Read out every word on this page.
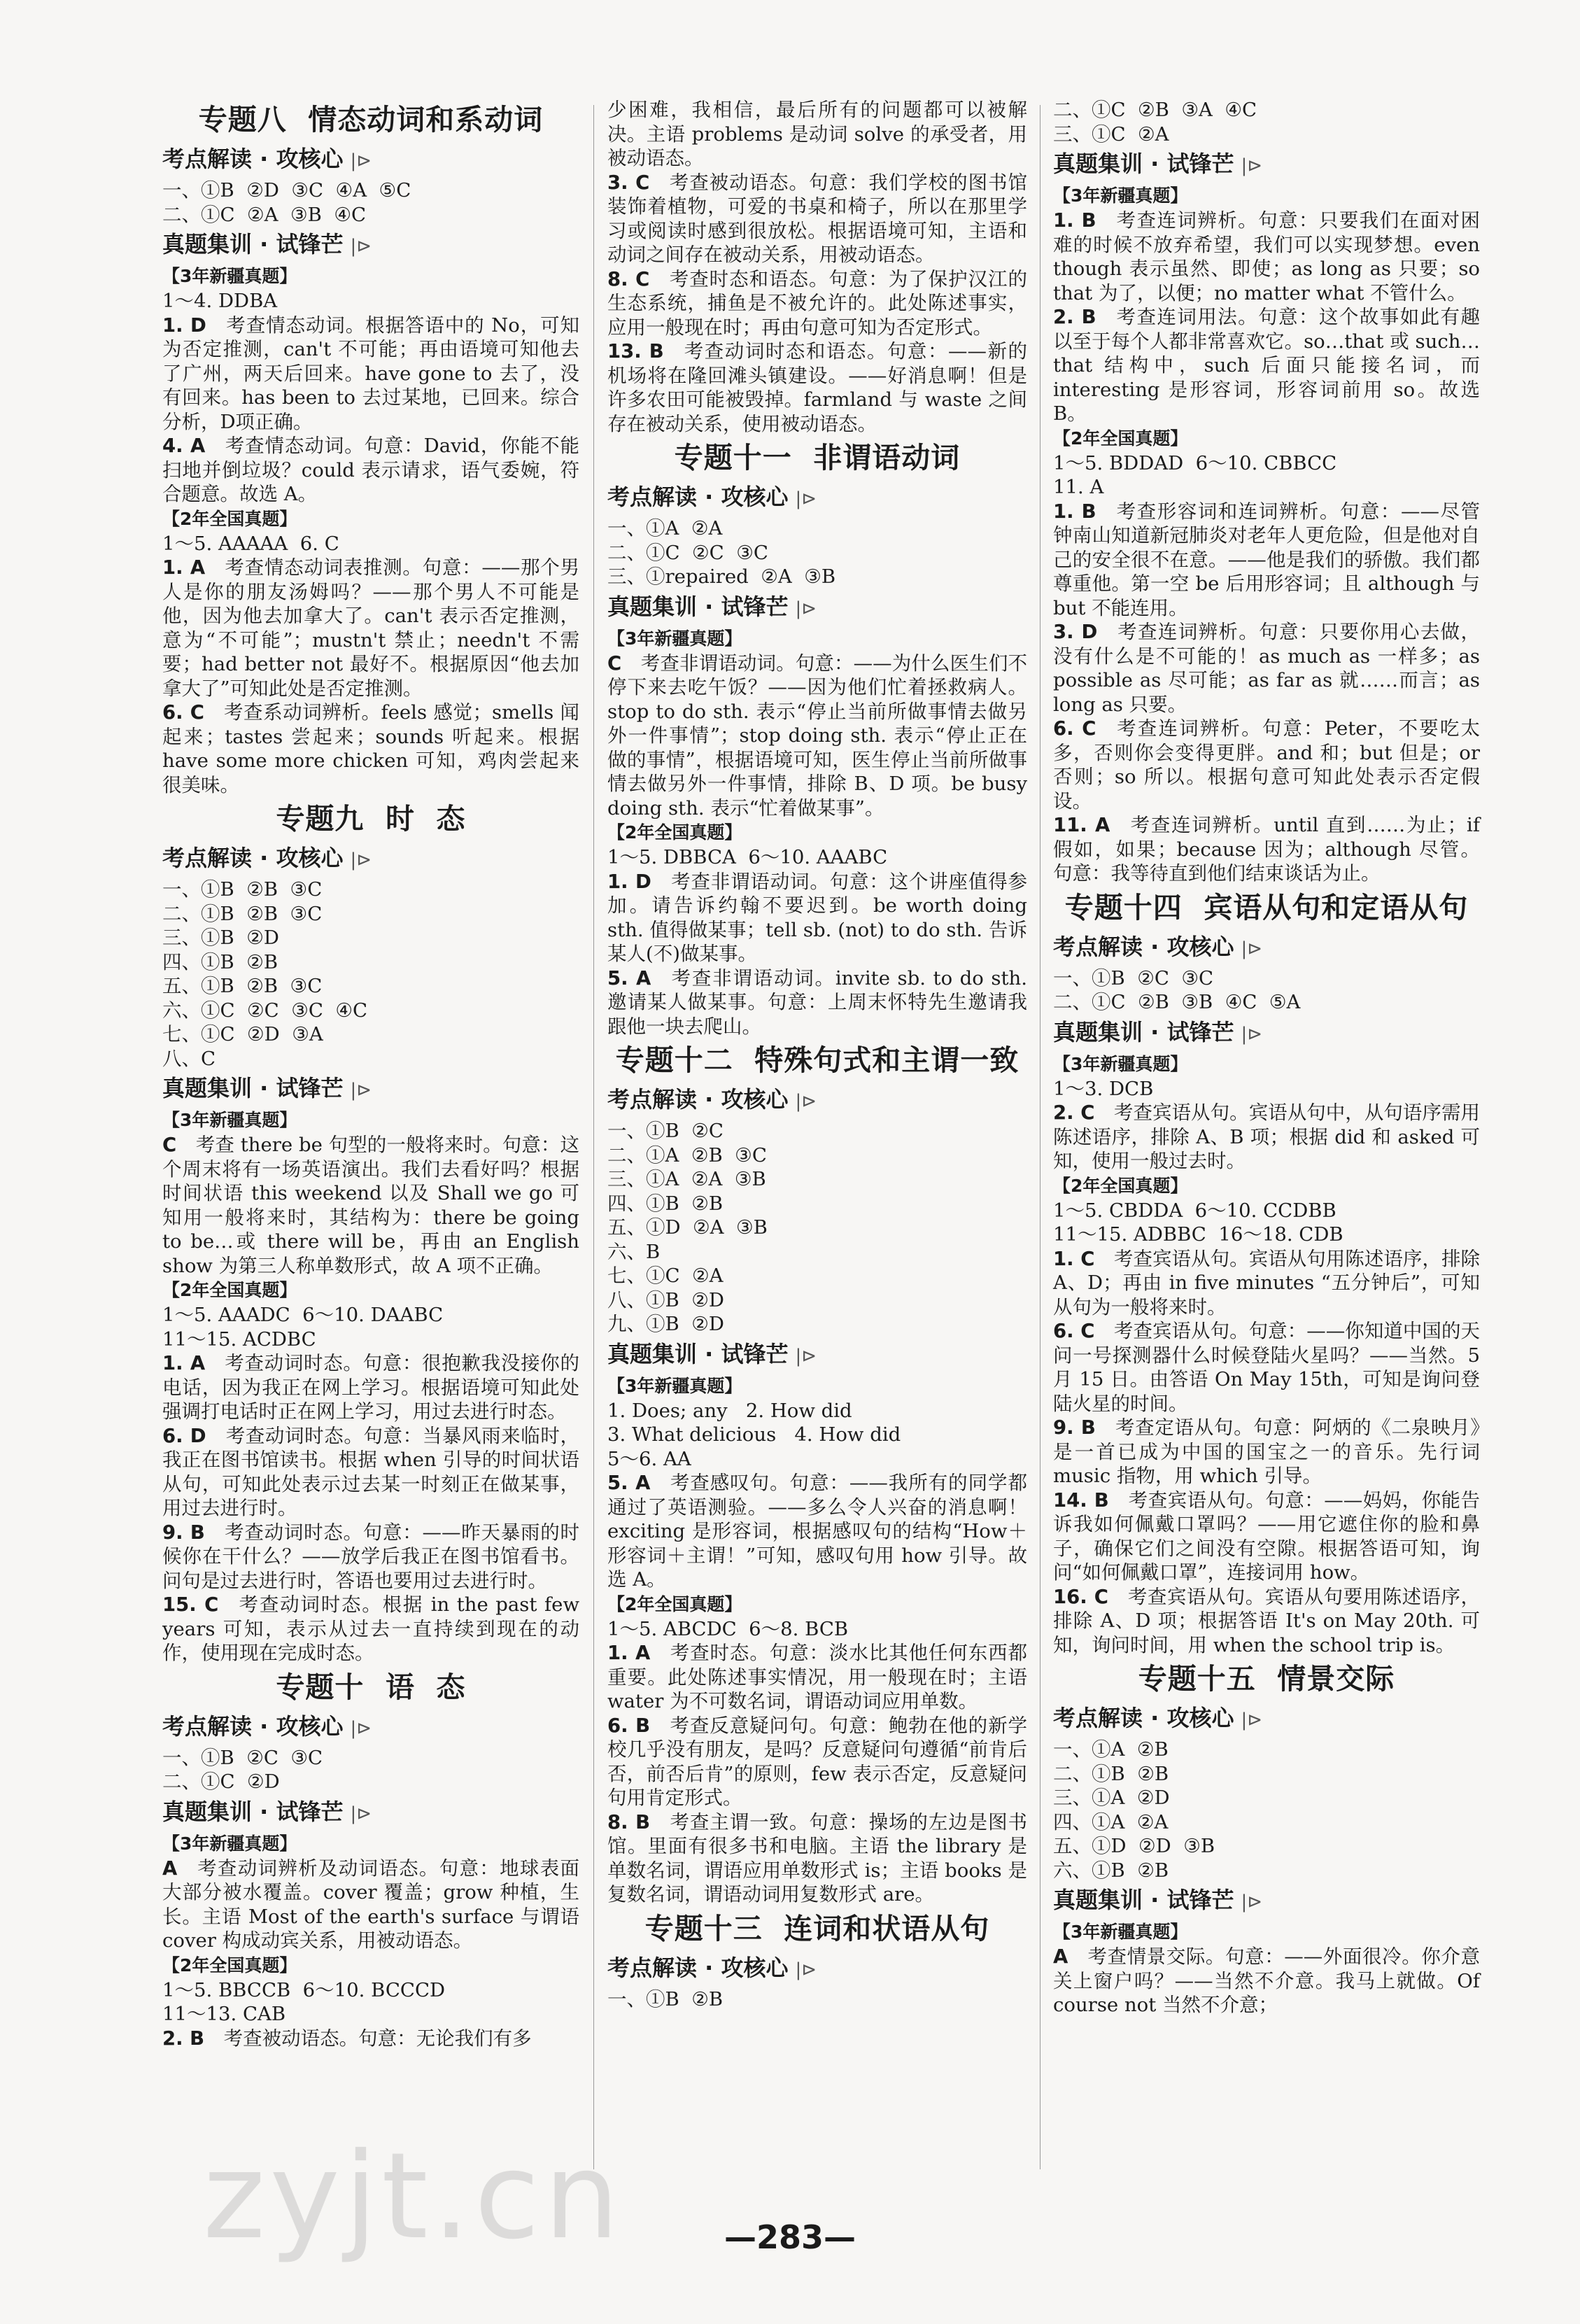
专题八  情态动词和系动词
考点解读 · 攻核心 |⊳
一、①B  ②D  ③C  ④A  ⑤C
二、①C  ②A  ③B  ④C
真题集训 · 试锋芒 |⊳
【3年新疆真题】
1～4. DDBA
1. D  考查情态动词。根据答语中的 No，可知为否定推测，can't 不可能；再由语境可知他去了广州，两天后回来。have gone to 去了，没有回来。has been to 去过某地，已回来。综合分析，D项正确。
4. A  考查情态动词。句意：David，你能不能扫地并倒垃圾？could 表示请求，语气委婉，符合题意。故选 A。
【2年全国真题】
1～5. AAAAA  6. C
1. A  考查情态动词表推测。句意：——那个男人是你的朋友汤姆吗？——那个男人不可能是他，因为他去加拿大了。can't 表示否定推测，意为“不可能”；mustn't 禁止；needn't 不需要；had better not 最好不。根据原因“他去加拿大了”可知此处是否定推测。
6. C  考查系动词辨析。feels 感觉；smells 闻起来；tastes 尝起来；sounds 听起来。根据 have some more chicken 可知，鸡肉尝起来很美味。
专题九  时  态
考点解读 · 攻核心 |⊳
一、①B  ②B  ③C
二、①B  ②B  ③C
三、①B  ②D
四、①B  ②B
五、①B  ②B  ③C
六、①C  ②C  ③C  ④C
七、①C  ②D  ③A
八、C
真题集训 · 试锋芒 |⊳
【3年新疆真题】
C  考查 there be 句型的一般将来时。句意：这个周末将有一场英语演出。我们去看好吗？根据时间状语 this weekend 以及 Shall we go 可知用一般将来时，其结构为：there be going to be…或 there will be，再由 an English show 为第三人称单数形式，故 A 项不正确。
【2年全国真题】
1～5. AAADC  6～10. DAABC
11～15. ACDBC
1. A  考查动词时态。句意：很抱歉我没接你的电话，因为我正在网上学习。根据语境可知此处强调打电话时正在网上学习，用过去进行时态。
6. D  考查动词时态。句意：当暴风雨来临时，我正在图书馆读书。根据 when 引导的时间状语从句，可知此处表示过去某一时刻正在做某事，用过去进行时。
9. B  考查动词时态。句意：——昨天暴雨的时候你在干什么？——放学后我正在图书馆看书。问句是过去进行时，答语也要用过去进行时。
15. C  考查动词时态。根据 in the past few years 可知，表示从过去一直持续到现在的动作，使用现在完成时态。
专题十  语  态
考点解读 · 攻核心 |⊳
一、①B  ②C  ③C
二、①C  ②D
真题集训 · 试锋芒 |⊳
【3年新疆真题】
A  考查动词辨析及动词语态。句意：地球表面大部分被水覆盖。cover 覆盖；grow 种植，生长。主语 Most of the earth's surface 与谓语 cover 构成动宾关系，用被动语态。
【2年全国真题】
1～5. BBCCB  6～10. BCCCD
11～13. CAB
2. B  考查被动语态。句意：无论我们有多
少困难，我相信，最后所有的问题都可以被解决。主语 problems 是动词 solve 的承受者，用被动语态。
3. C  考查被动语态。句意：我们学校的图书馆装饰着植物，可爱的书桌和椅子，所以在那里学习或阅读时感到很放松。根据语境可知，主语和动词之间存在被动关系，用被动语态。
8. C  考查时态和语态。句意：为了保护汉江的生态系统，捕鱼是不被允许的。此处陈述事实，应用一般现在时；再由句意可知为否定形式。
13. B  考查动词时态和语态。句意：——新的机场将在隆回滩头镇建设。——好消息啊！但是许多农田可能被毁掉。farmland 与 waste 之间存在被动关系，使用被动语态。
专题十一  非谓语动词
考点解读 · 攻核心 |⊳
一、①A  ②A
二、①C  ②C  ③C
三、①repaired  ②A  ③B
真题集训 · 试锋芒 |⊳
【3年新疆真题】
C  考查非谓语动词。句意：——为什么医生们不停下来去吃午饭？——因为他们忙着拯救病人。stop to do sth. 表示“停止当前所做事情去做另外一件事情”；stop doing sth. 表示“停止正在做的事情”，根据语境可知，医生停止当前所做事情去做另外一件事情，排除 B、D 项。be busy doing sth. 表示“忙着做某事”。
【2年全国真题】
1～5. DBBCA  6～10. AAABC
1. D  考查非谓语动词。句意：这个讲座值得参加。请告诉约翰不要迟到。be worth doing sth. 值得做某事；tell sb. (not) to do sth. 告诉某人(不)做某事。
5. A  考查非谓语动词。invite sb. to do sth. 邀请某人做某事。句意：上周末怀特先生邀请我跟他一块去爬山。
专题十二  特殊句式和主谓一致
考点解读 · 攻核心 |⊳
一、①B  ②C
二、①A  ②B  ③C
三、①A  ②A  ③B
四、①B  ②B
五、①D  ②A  ③B
六、B
七、①C  ②A
八、①B  ②D
九、①B  ②D
真题集训 · 试锋芒 |⊳
【3年新疆真题】
1. Does; any   2. How did
3. What delicious   4. How did
5～6. AA
5. A  考查感叹句。句意：——我所有的同学都通过了英语测验。——多么令人兴奋的消息啊！exciting 是形容词，根据感叹句的结构“How＋形容词＋主谓！”可知，感叹句用 how 引导。故选 A。
【2年全国真题】
1～5. ABCDC  6～8. BCB
1. A  考查时态。句意：淡水比其他任何东西都重要。此处陈述事实情况，用一般现在时；主语 water 为不可数名词，谓语动词应用单数。
6. B  考查反意疑问句。句意：鲍勃在他的新学校几乎没有朋友，是吗？反意疑问句遵循“前肯后否，前否后肯”的原则，few 表示否定，反意疑问句用肯定形式。
8. B  考查主谓一致。句意：操场的左边是图书馆。里面有很多书和电脑。主语 the library 是单数名词，谓语应用单数形式 is；主语 books 是复数名词，谓语动词用复数形式 are。
专题十三  连词和状语从句
考点解读 · 攻核心 |⊳
一、①B  ②B
二、①C  ②B  ③A  ④C
三、①C  ②A
真题集训 · 试锋芒 |⊳
【3年新疆真题】
1. B  考查连词辨析。句意：只要我们在面对困难的时候不放弃希望，我们可以实现梦想。even though 表示虽然、即使；as long as 只要；so that 为了，以便；no matter what 不管什么。
2. B  考查连词用法。句意：这个故事如此有趣以至于每个人都非常喜欢它。so…that 或 such…that 结构中，such 后面只能接名词，而 interesting 是形容词，形容词前用 so。故选 B。
【2年全国真题】
1～5. BDDAD  6～10. CBBCC
11. A
1. B  考查形容词和连词辨析。句意：——尽管钟南山知道新冠肺炎对老年人更危险，但是他对自己的安全很不在意。——他是我们的骄傲。我们都尊重他。第一空 be 后用形容词；且 although 与 but 不能连用。
3. D  考查连词辨析。句意：只要你用心去做，没有什么是不可能的！as much as 一样多；as possible as 尽可能；as far as 就……而言；as long as 只要。
6. C  考查连词辨析。句意：Peter，不要吃太多，否则你会变得更胖。and 和；but 但是；or 否则；so 所以。根据句意可知此处表示否定假设。
11. A  考查连词辨析。until 直到……为止；if 假如，如果；because 因为；although 尽管。句意：我等待直到他们结束谈话为止。
专题十四  宾语从句和定语从句
考点解读 · 攻核心 |⊳
一、①B  ②C  ③C
二、①C  ②B  ③B  ④C  ⑤A
真题集训 · 试锋芒 |⊳
【3年新疆真题】
1～3. DCB
2. C  考查宾语从句。宾语从句中，从句语序需用陈述语序，排除 A、B 项；根据 did 和 asked 可知，使用一般过去时。
【2年全国真题】
1～5. CBDDA  6～10. CCDBB
11～15. ADBBC  16～18. CDB
1. C  考查宾语从句。宾语从句用陈述语序，排除 A、D；再由 in five minutes “五分钟后”，可知从句为一般将来时。
6. C  考查宾语从句。句意：——你知道中国的天问一号探测器什么时候登陆火星吗？——当然。5 月 15 日。由答语 On May 15th，可知是询问登陆火星的时间。
9. B  考查定语从句。句意：阿炳的《二泉映月》是一首已成为中国的国宝之一的音乐。先行词 music 指物，用 which 引导。
14. B  考查宾语从句。句意：——妈妈，你能告诉我如何佩戴口罩吗？——用它遮住你的脸和鼻子，确保它们之间没有空隙。根据答语可知，询问“如何佩戴口罩”，连接词用 how。
16. C  考查宾语从句。宾语从句要用陈述语序，排除 A、D 项；根据答语 It's on May 20th. 可知，询问时间，用 when the school trip is。
专题十五  情景交际
考点解读 · 攻核心 |⊳
一、①A  ②B
二、①B  ②B
三、①A  ②D
四、①A  ②A
五、①D  ②D  ③B
六、①B  ②B
真题集训 · 试锋芒 |⊳
【3年新疆真题】
A  考查情景交际。句意：——外面很冷。你介意关上窗户吗？——当然不介意。我马上就做。Of course not 当然不介意；
zyjt.cn	—283—
